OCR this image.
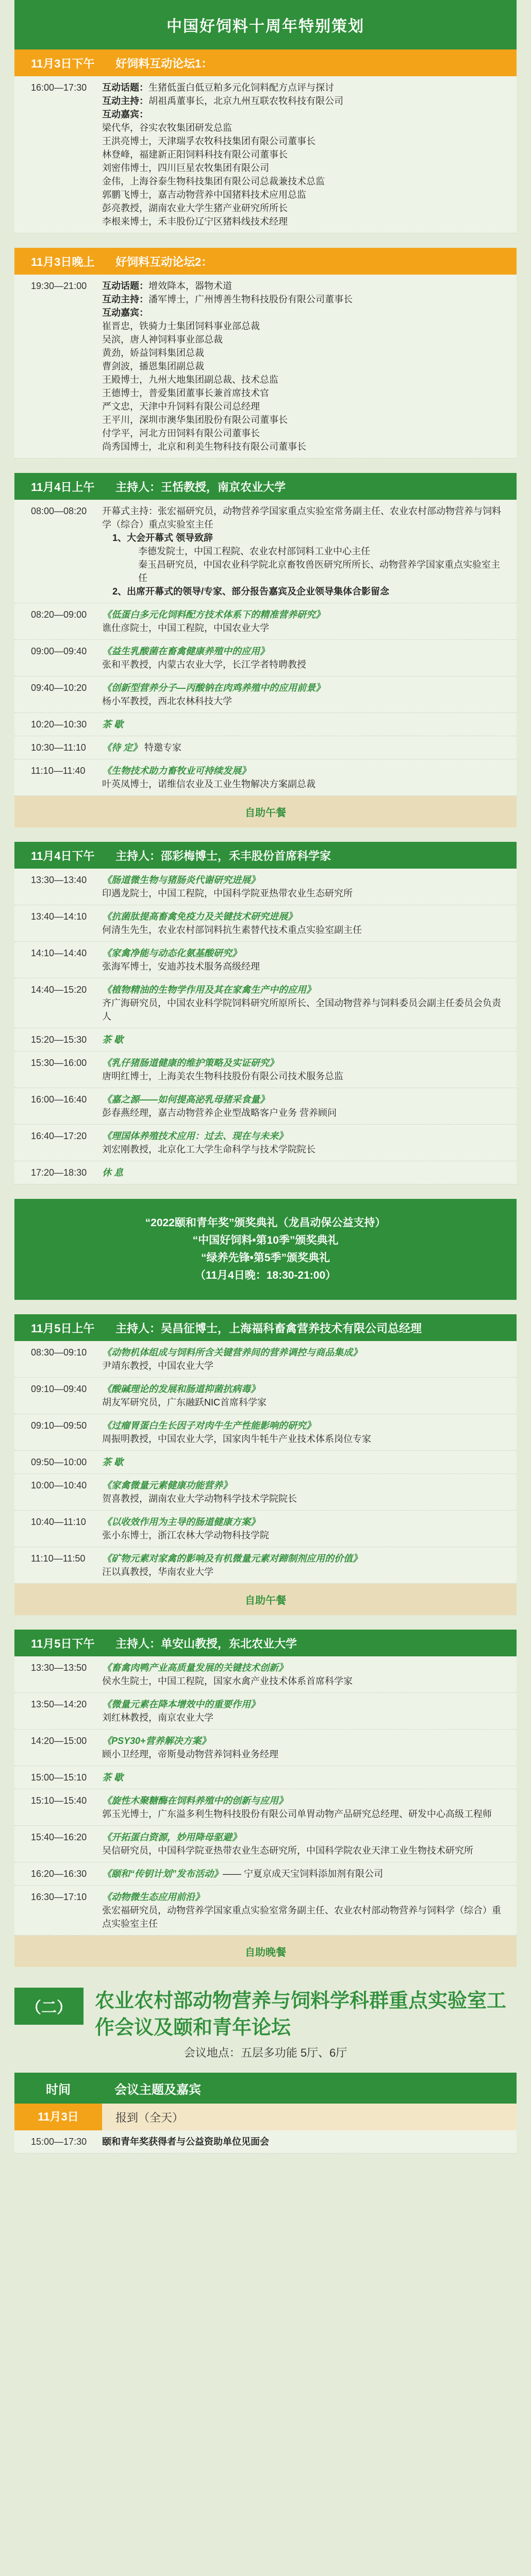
中国好饲料十周年特别策划
11月3日下午	好饲料互动论坛1：
16:00—17:30	互动话题：生猪低蛋白低豆粕多元化饲料配方点评与探讨
互动主持：胡祖禹董事长，北京九州互联农牧科技有限公司
互动嘉宾：
梁代华，谷实农牧集团研发总监
王洪亮博士，天津瑞孚农牧科技集团有限公司董事长
林登峰，福建新正阳饲料科技有限公司董事长
刘密伟博士，四川巨星农牧集团有限公司
金伟，上海谷泰生物科技集团有限公司总裁兼技术总监
郭鹏飞博士，嘉吉动物营养中国猪料技术应用总监
彭亮教授，湖南农业大学生猪产业研究所所长
李根来博士，禾丰股份辽宁区猪料线技术经理
11月3日晚上	好饲料互动论坛2：
19:30—21:00	互动话题：增效降本，器物术道
互动主持：潘军博士，广州博善生物科技股份有限公司董事长
互动嘉宾：
崔晋忠，铁骑力士集团饲料事业部总裁
吴滨，唐人神饲料事业部总裁
黄劲，娇益饲料集团总裁
曹剑波，播恩集团副总裁
王殿博士，九州大地集团副总裁、技术总监
王德博士，普爱集团董事长兼首席技术官
严文忠，天津中升饲料有限公司总经理
王平川，深圳市澳华集团股份有限公司董事长
付学平，河北方田饲料有限公司董事长
尚秀国博士，北京和利美生物科技有限公司董事长
11月4日上午	主持人：王恬教授，南京农业大学
08:00—08:20	开幕式主持：张宏福研究员，动物营养学国家重点实验室常务副主任、农业农村部动物营养与饲料学（综合）重点实验室主任
1、大会开幕式 领导致辞
李德发院士，中国工程院、农业农村部饲料工业中心主任
秦玉昌研究员，中国农业科学院北京畜牧兽医研究所所长、动物营养学国家重点实验室主任
2、出席开幕式的领导/专家、部分报告嘉宾及企业领导集体合影留念
08:20—09:00	《低蛋白多元化饲料配方技术体系下的精准营养研究》
谯仕彦院士，中国工程院，中国农业大学
09:00—09:40	《益生乳酸菌在畜禽健康养殖中的应用》
张和平教授，内蒙古农业大学，长江学者特聘教授
09:40—10:20	《创新型营养分子—丙酸钠在肉鸡养殖中的应用前景》
杨小军教授，西北农林科技大学
10:20—10:30	茶 歇
10:30—11:10	《待 定》 特邀专家
11:10—11:40	《生物技术助力畜牧业可持续发展》
叶英凤博士，诺维信农业及工业生物解决方案副总裁
自助午餐
11月4日下午	主持人：邵彩梅博士，禾丰股份首席科学家
13:30—13:40	《肠道微生物与猪肠炎代谢研究进展》
印遇龙院士，中国工程院，中国科学院亚热带农业生态研究所
13:40—14:10	《抗菌肽提高畜禽免疫力及关键技术研究进展》
何清生先生，农业农村部饲料抗生素替代技术重点实验室副主任
14:10—14:40	《家禽净能与动态化氨基酸研究》
张海军博士，安迪苏技术服务高级经理
14:40—15:20	《植物精油的生物学作用及其在家禽生产中的应用》
齐广海研究员，中国农业科学院饲料研究所原所长、全国动物营养与饲料委员会副主任委员会负责人
15:20—15:30	茶 歇
15:30—16:00	《乳仔猪肠道健康的维护策略及实证研究》
唐明红博士，上海美农生物科技股份有限公司技术服务总监
16:00—16:40	《嘉之源——如何提高泌乳母猪采食量》
彭春燕经理，嘉吉动物营养企业型战略客户业务 营养顾问
16:40—17:20	《理国体养殖技术应用：过去、现在与未来》
刘宏刚教授，北京化工大学生命科学与技术学院院长
17:20—18:30	休 息
“2022颐和青年奖”颁奖典礼（龙昌动保公益支持）
“中国好饲料•第10季”颁奖典礼
“绿养先锋•第5季”颁奖典礼
（11月4日晚：18:30-21:00）
11月5日上午	主持人：吴昌征博士，上海福科畜禽营养技术有限公司总经理
08:30—09:10	《动物机体组成与饲料所含关键营养间的营养调控与商品集成》
尹靖东教授，中国农业大学
09:10—09:40	《酸碱理论的发展和肠道抑菌抗病毒》
胡友军研究员，广东融跃NIC首席科学家
09:10—09:50	《过瘤胃蛋白生长因子对肉牛生产性能影响的研究》
周振明教授，中国农业大学，国家肉牛牦牛产业技术体系岗位专家
09:50—10:00	茶 歇
10:00—10:40	《家禽微量元素健康功能营养》
贺喜教授，湖南农业大学动物科学技术学院院长
10:40—11:10	《以收效作用为主导的肠道健康方案》
张小东博士，浙江农林大学动物科技学院
11:10—11:50	《矿物元素对家禽的影响及有机微量元素对蹄制剂应用的价值》
汪以真教授，华南农业大学
自助午餐
11月5日下午	主持人：单安山教授，东北农业大学
13:30—13:50	《畜禽肉鸭产业高质量发展的关键技术创新》
侯水生院士，中国工程院，国家水禽产业技术体系首席科学家
13:50—14:20	《微量元素在降本增效中的重要作用》
刘红林教授，南京农业大学
14:20—15:00	《PSY30+营养解决方案》
顾小卫经理，帝斯曼动物营养饲料业务经理
15:00—15:10	茶 歇
15:10—15:40	《旋性木聚糖酶在饲料养殖中的创新与应用》
郭玉光博士，广东溢多利生物科技股份有限公司单胃动物产品研究总经理、研发中心高级工程师
15:40—16:20	《开拓蛋白资源，妙用降母驱避》
吴信研究员，中国科学院亚热带农业生态研究所，中国科学院农业天津工业生物技术研究所
16:20—16:30	《颐和“传钥计划”发布活动》—— 宁夏京成天宝饲料添加剂有限公司
16:30—17:10	《动物微生态应用前沿》
张宏福研究员，动物营养学国家重点实验室常务副主任、农业农村部动物营养与饲料学（综合）重点实验室主任
自助晚餐
（二）	农业农村部动物营养与饲料学科群重点实验室工作会议及颐和青年论坛
会议地点：五层多功能 5厅、6厅
时间	会议主题及嘉宾
11月3日	报到（全天）
15:00—17:30	颐和青年奖获得者与公益资助单位见面会
